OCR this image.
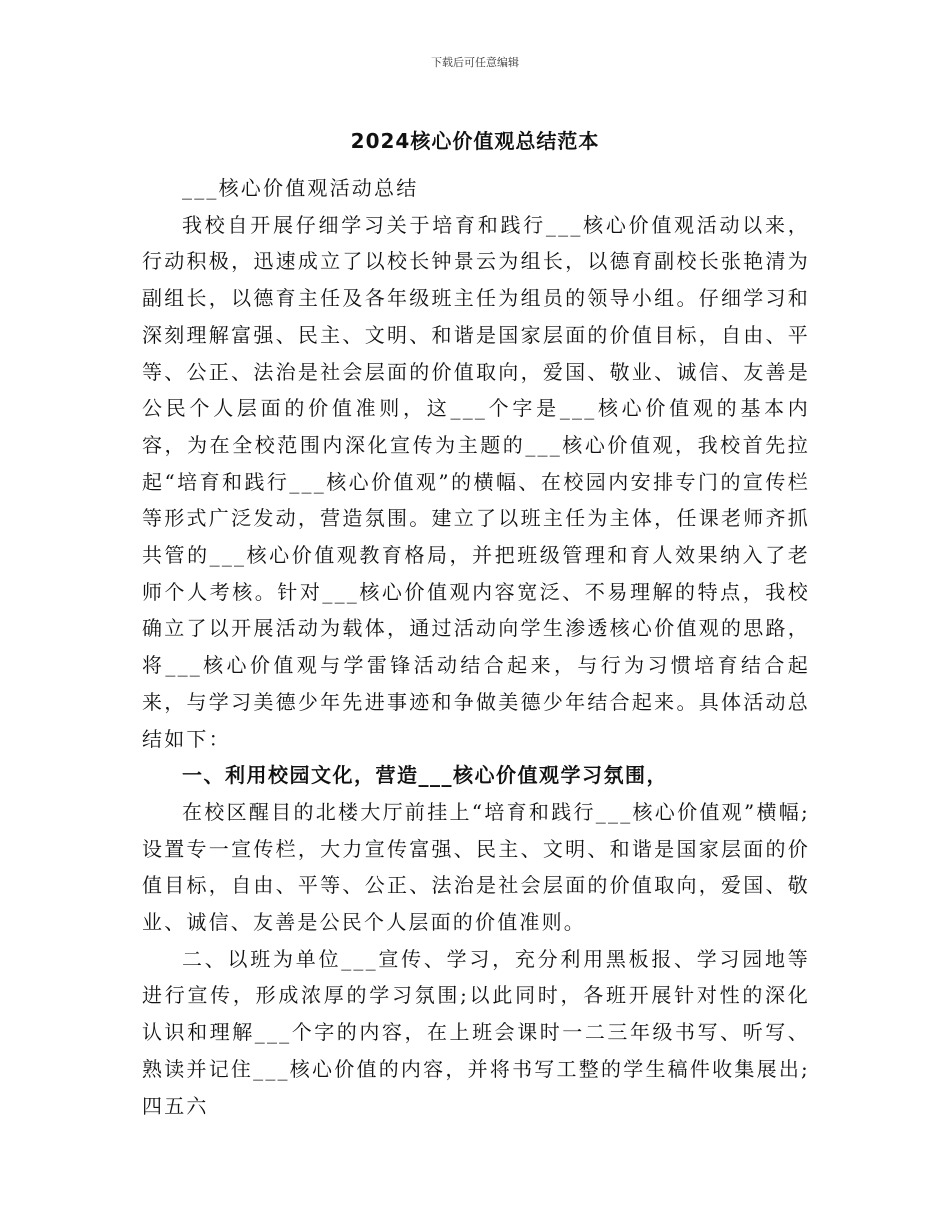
下载后可任意编辑
2024核心价值观总结范本

___核心价值观活动总结

我校自开展仔细学习关于培育和践行___核心价值观活动以来，行动积极，迅速成立了以校长钟景云为组长，以德育副校长张艳清为副组长，以德育主任及各年级班主任为组员的领导小组。仔细学习和深刻理解富强、民主、文明、和谐是国家层面的价值目标，自由、平等、公正、法治是社会层面的价值取向，爱国、敬业、诚信、友善是公民个人层面的价值准则，这___个字是___核心价值观的基本内容，为在全校范围内深化宣传为主题的___核心价值观，我校首先拉起“培育和践行___核心价值观”的横幅、在校园内安排专门的宣传栏等形式广泛发动，营造氛围。建立了以班主任为主体，任课老师齐抓共管的___核心价值观教育格局，并把班级管理和育人效果纳入了老师个人考核。针对___核心价值观内容宽泛、不易理解的特点，我校确立了以开展活动为载体，通过活动向学生渗透核心价值观的思路，将___核心价值观与学雷锋活动结合起来，与行为习惯培育结合起来，与学习美德少年先进事迹和争做美德少年结合起来。具体活动总结如下：

一、利用校园文化，营造___核心价值观学习氛围，

在校区醒目的北楼大厅前挂上“培育和践行___核心价值观”横幅;设置专一宣传栏，大力宣传富强、民主、文明、和谐是国家层面的价值目标，自由、平等、公正、法治是社会层面的价值取向，爱国、敬业、诚信、友善是公民个人层面的价值准则。

二、以班为单位___宣传、学习，充分利用黑板报、学习园地等进行宣传，形成浓厚的学习氛围;以此同时，各班开展针对性的深化认识和理解___个字的内容，在上班会课时一二三年级书写、听写、熟读并记住___核心价值的内容，并将书写工整的学生稿件收集展出;四五六
